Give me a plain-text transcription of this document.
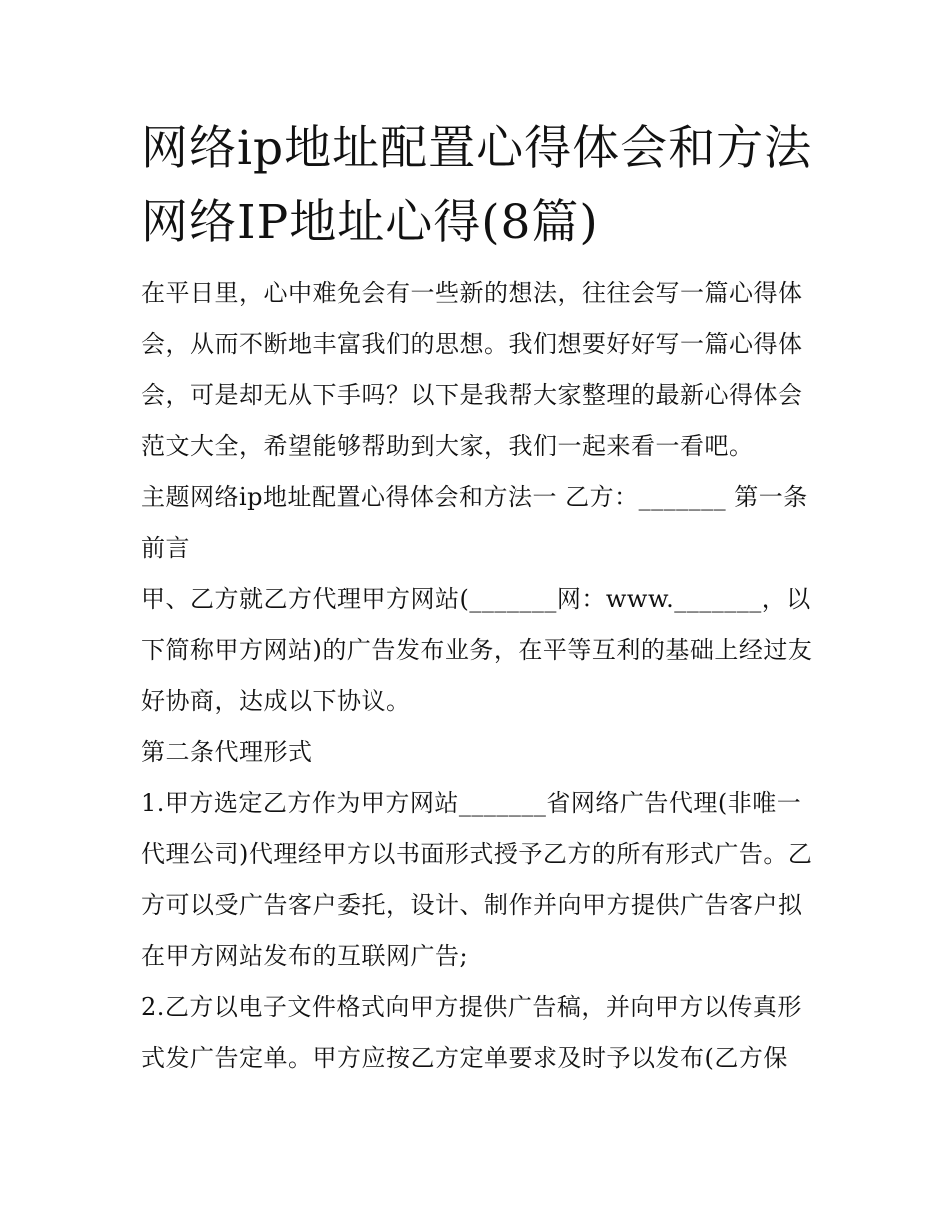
网络ip地址配置心得体会和方法 网络IP地址心得(8篇)

在平日里，心中难免会有一些新的想法，往往会写一篇心得体会，从而不断地丰富我们的思想。我们想要好好写一篇心得体会，可是却无从下手吗？以下是我帮大家整理的最新心得体会范文大全，希望能够帮助到大家，我们一起来看一看吧。

主题网络ip地址配置心得体会和方法一 乙方：_______ 第一条前言

甲、乙方就乙方代理甲方网站(_______网：www._______，以下简称甲方网站)的广告发布业务，在平等互利的基础上经过友好协商，达成以下协议。

第二条代理形式

1.甲方选定乙方作为甲方网站_______省网络广告代理(非唯一代理公司)代理经甲方以书面形式授予乙方的所有形式广告。乙方可以受广告客户委托，设计、制作并向甲方提供广告客户拟在甲方网站发布的互联网广告;

2.乙方以电子文件格式向甲方提供广告稿，并向甲方以传真形式发广告定单。甲方应按乙方定单要求及时予以发布(乙方保
